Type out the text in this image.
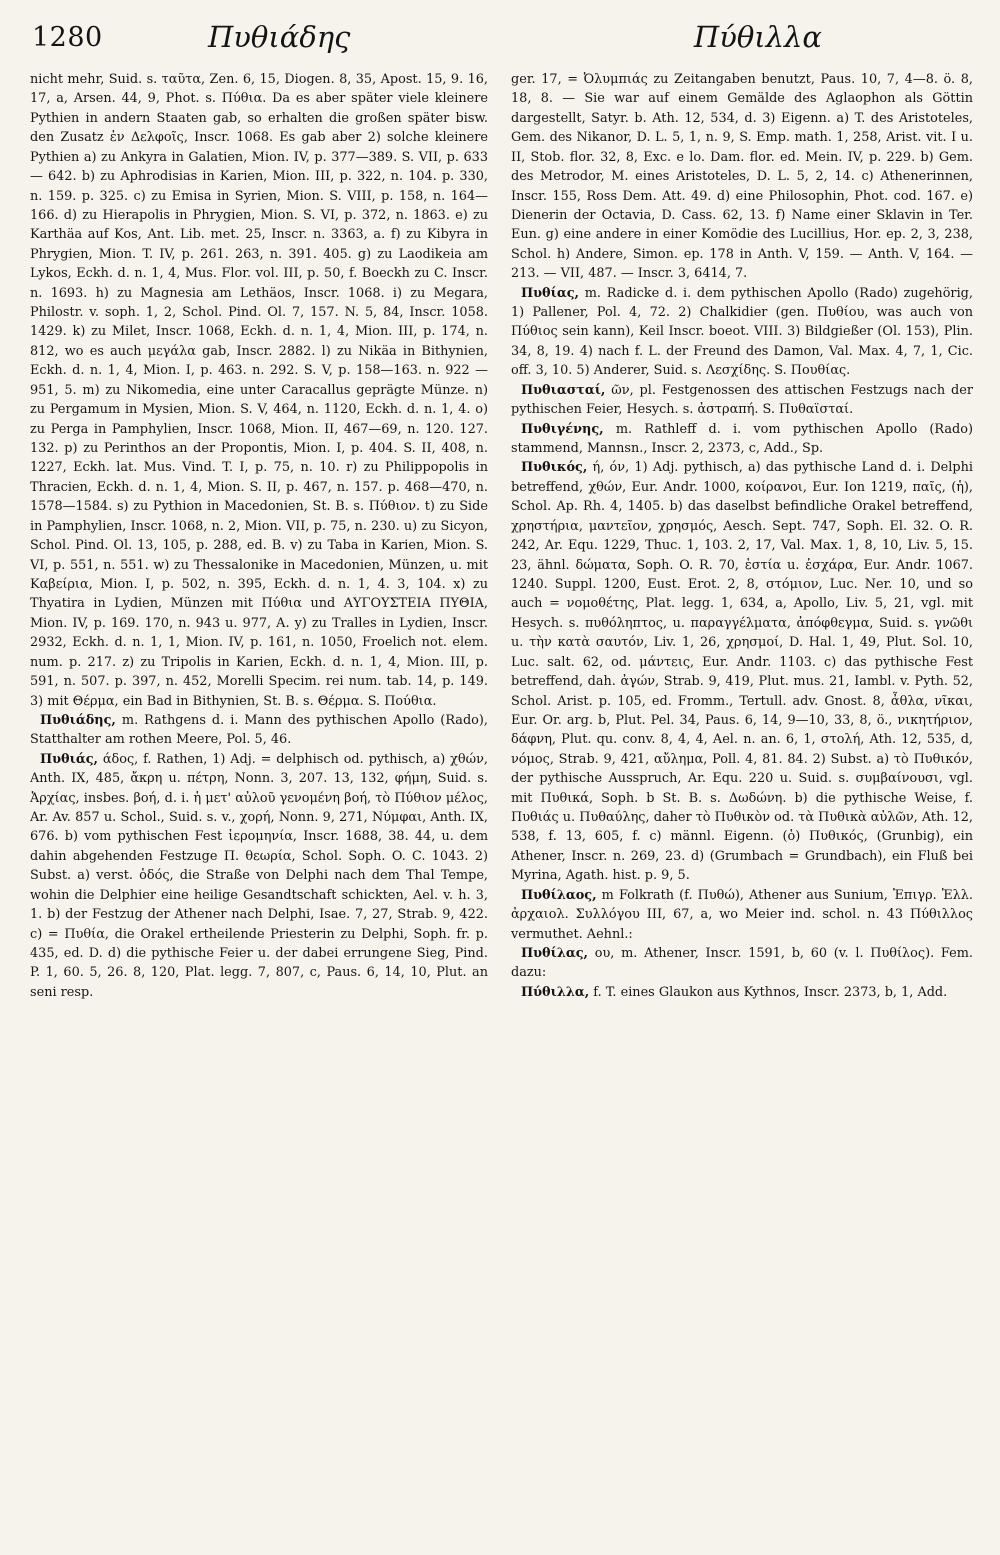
1280	Πυθιάδης	Πύθιλλα

nicht mehr, Suid. s. ταῦτα, Zen. 6, 15, Diogen. 8, 35, Apost. 15, 9. 16, 17, a, Arsen. 44, 9, Phot. s. Πύθια. Da es aber später viele kleinere Pythien in andern Staaten gab, so erhalten die großen später bisw. den Zusatz ἐν Δελφοῖς, Inscr. 1068. Es gab aber 2) solche kleinere Pythien a) zu Ankyra in Galatien, Mion. IV, p. 377—389. S. VII, p. 633 — 642. b) zu Aphrodisias in Karien, Mion. III, p. 322, n. 104. p. 330, n. 159. p. 325. c) zu Emisa in Syrien, Mion. S. VIII, p. 158, n. 164—166. d) zu Hierapolis in Phrygien, Mion. S. VI, p. 372, n. 1863. e) zu Karthäa auf Kos, Ant. Lib. met. 25, Inscr. n. 3363, a. f) zu Kibyra in Phrygien, Mion. T. IV, p. 261. 263, n. 391. 405. g) zu Laodikeia am Lykos, Eckh. d. n. 1, 4, Mus. Flor. vol. III, p. 50, f. Boeckh zu C. Inscr. n. 1693. h) zu Magnesia am Lethäos, Inscr. 1068. i) zu Megara, Philostr. v. soph. 1, 2, Schol. Pind. Ol. 7, 157. N. 5, 84, Inscr. 1058. 1429. k) zu Milet, Inscr. 1068, Eckh. d. n. 1, 4, Mion. III, p. 174, n. 812, wo es auch μεγάλα gab, Inscr. 2882. l) zu Nikäa in Bithynien, Eckh. d. n. 1, 4, Mion. I, p. 463. n. 292. S. V, p. 158—163. n. 922 — 951, 5. m) zu Nikomedia, eine unter Caracallus geprägte Münze. n) zu Pergamum in Mysien, Mion. S. V, 464, n. 1120, Eckh. d. n. 1, 4. o) zu Perga in Pamphylien, Inscr. 1068, Mion. II, 467—69, n. 120. 127. 132. p) zu Perinthos an der Propontis, Mion. I, p. 404. S. II, 408, n. 1227, Eckh. lat. Mus. Vind. T. I, p. 75, n. 10. r) zu Philippopolis in Thracien, Eckh. d. n. 1, 4, Mion. S. II, p. 467, n. 157. p. 468—470, n. 1578—1584. s) zu Pythion in Macedonien, St. B. s. Πύθιον. t) zu Side in Pamphylien, Inscr. 1068, n. 2, Mion. VII, p. 75, n. 230. u) zu Sicyon, Schol. Pind. Ol. 13, 105, p. 288, ed. B. v) zu Taba in Karien, Mion. S. VI, p. 551, n. 551. w) zu Thessalonike in Macedonien, Münzen, u. mit Καβείρια, Mion. I, p. 502, n. 395, Eckh. d. n. 1, 4. 3, 104. x) zu Thyatira in Lydien, Münzen mit Πύθια und ΑΥΓΟΥΣΤΕΙΑ ΠΥΘΙΑ, Mion. IV, p. 169. 170, n. 943 u. 977, A. y) zu Tralles in Lydien, Inscr. 2932, Eckh. d. n. 1, 1, Mion. IV, p. 161, n. 1050, Froelich not. elem. num. p. 217. z) zu Tripolis in Karien, Eckh. d. n. 1, 4, Mion. III, p. 591, n. 507. p. 397, n. 452, Morelli Specim. rei num. tab. 14, p. 149. 3) mit Θέρμα, ein Bad in Bithynien, St. B. s. Θέρμα. S. Πούθια.

Πυθιάδης, m. Rathgens d. i. Mann des pythischen Apollo (Rado), Statthalter am rothen Meere, Pol. 5, 46.

Πυθιάς, άδος, f. Rathen, 1) Adj. = delphisch od. pythisch, a) χθών, Anth. IX, 485, ἄκρη u. πέτρη, Nonn. 3, 207. 13, 132, φήμη, Suid. s. Ἀρχίας, insbes. βοή, d. i. ἡ μετ' αὐλοῦ γενομένη βοή, τὸ Πύθιον μέλος, Ar. Av. 857 u. Schol., Suid. s. v., χορή, Nonn. 9, 271, Νύμφαι, Anth. IX, 676. b) vom pythischen Fest ἱερομηνία, Inscr. 1688, 38. 44, u. dem dahin abgehenden Festzuge Π. θεωρία, Schol. Soph. O. C. 1043. 2) Subst. a) verst. ὁδός, die Straße von Delphi nach dem Thal Tempe, wohin die Delphier eine heilige Gesandtschaft schickten, Ael. v. h. 3, 1. b) der Festzug der Athener nach Delphi, Isae. 7, 27, Strab. 9, 422. c) = Πυθία, die Orakel ertheilende Priesterin zu Delphi, Soph. fr. p. 435, ed. D. d) die pythische Feier u. der dabei errungene Sieg, Pind. P. 1, 60. 5, 26. 8, 120, Plat. legg. 7, 807, c, Paus. 6, 14, 10, Plut. an seni resp.

ger. 17, = Ὀλυμπιάς zu Zeitangaben benutzt, Paus. 10, 7, 4—8. ö. 8, 18, 8. — Sie war auf einem Gemälde des Aglaophon als Göttin dargestellt, Satyr. b. Ath. 12, 534, d. 3) Eigenn. a) T. des Aristoteles, Gem. des Nikanor, D. L. 5, 1, n. 9, S. Emp. math. 1, 258, Arist. vit. I u. II, Stob. flor. 32, 8, Exc. e lo. Dam. flor. ed. Mein. IV, p. 229. b) Gem. des Metrodor, M. eines Aristoteles, D. L. 5, 2, 14. c) Athenerinnen, Inscr. 155, Ross Dem. Att. 49. d) eine Philosophin, Phot. cod. 167. e) Dienerin der Octavia, D. Cass. 62, 13. f) Name einer Sklavin in Ter. Eun. g) eine andere in einer Komödie des Lucillius, Hor. ep. 2, 3, 238, Schol. h) Andere, Simon. ep. 178 in Anth. V, 159. — Anth. V, 164. — 213. — VII, 487. — Inscr. 3, 6414, 7.

Πυθίας, m. Radicke d. i. dem pythischen Apollo (Rado) zugehörig, 1) Pallener, Pol. 4, 72. 2) Chalkidier (gen. Πυθίου, was auch von Πύθιος sein kann), Keil Inscr. boeot. VIII. 3) Bildgießer (Ol. 153), Plin. 34, 8, 19. 4) nach f. L. der Freund des Damon, Val. Max. 4, 7, 1, Cic. off. 3, 10. 5) Anderer, Suid. s. Λεσχίδης. S. Πουθίας.

Πυθιασταί, ῶν, pl. Festgenossen des attischen Festzugs nach der pythischen Feier, Hesych. s. ἀστραπή. S. Πυθαϊσταί.

Πυθιγένης, m. Rathleff d. i. vom pythischen Apollo (Rado) stammend, Mannsn., Inscr. 2, 2373, c, Add., Sp.

Πυθικός, ή, όν, 1) Adj. pythisch, a) das pythische Land d. i. Delphi betreffend, χθών, Eur. Andr. 1000, κοίρανοι, Eur. Ion 1219, παῖς, (ἡ), Schol. Ap. Rh. 4, 1405. b) das daselbst befindliche Orakel betreffend, χρηστήρια, μαντεῖον, χρησμός, Aesch. Sept. 747, Soph. El. 32. O. R. 242, Ar. Equ. 1229, Thuc. 1, 103. 2, 17, Val. Max. 1, 8, 10, Liv. 5, 15. 23, ähnl. δώματα, Soph. O. R. 70, ἑστία u. ἐσχάρα, Eur. Andr. 1067. 1240. Suppl. 1200, Eust. Erot. 2, 8, στόμιον, Luc. Ner. 10, und so auch = νομοθέτης, Plat. legg. 1, 634, a, Apollo, Liv. 5, 21, vgl. mit Hesych. s. πυθόληπτος, u. παραγγέλματα, ἀπόφθεγμα, Suid. s. γνῶθι u. τὴν κατὰ σαυτόν, Liv. 1, 26, χρησμοί, D. Hal. 1, 49, Plut. Sol. 10, Luc. salt. 62, od. μάντεις, Eur. Andr. 1103. c) das pythische Fest betreffend, dah. ἀγών, Strab. 9, 419, Plut. mus. 21, Iambl. v. Pyth. 52, Schol. Arist. p. 105, ed. Fromm., Tertull. adv. Gnost. 8, ἆθλα, νῖκαι, Eur. Or. arg. b, Plut. Pel. 34, Paus. 6, 14, 9—10, 33, 8, ö., νικητήριον, δάφνη, Plut. qu. conv. 8, 4, 4, Ael. n. an. 6, 1, στολή, Ath. 12, 535, d, νόμος, Strab. 9, 421, αὔλημα, Poll. 4, 81. 84. 2) Subst. a) τὸ Πυθικόν, der pythische Ausspruch, Ar. Equ. 220 u. Suid. s. συμβαίνουσι, vgl. mit Πυθικά, Soph. b St. B. s. Δωδώνη. b) die pythische Weise, f. Πυθιάς u. Πυθαύλης, daher τὸ Πυθικὸν od. τὰ Πυθικὰ αὐλῶν, Ath. 12, 538, f. 13, 605, f. c) männl. Eigenn. (ὁ) Πυθικός, (Grunbig), ein Athener, Inscr. n. 269, 23. d) (Grumbach = Grundbach), ein Fluß bei Myrina, Agath. hist. p. 9, 5.

Πυθίλαος, m Folkrath (f. Πυθώ), Athener aus Sunium, Ἐπιγρ. Ἑλλ. ἀρχαιολ. Συλλόγου III, 67, a, wo Meier ind. schol. n. 43 Πύθιλλος vermuthet. Aehnl.:

Πυθίλας, ου, m. Athener, Inscr. 1591, b, 60 (v. l. Πυθίλος). Fem. dazu:

Πύθιλλα, f. T. eines Glaukon aus Kythnos, Inscr. 2373, b, 1, Add.
